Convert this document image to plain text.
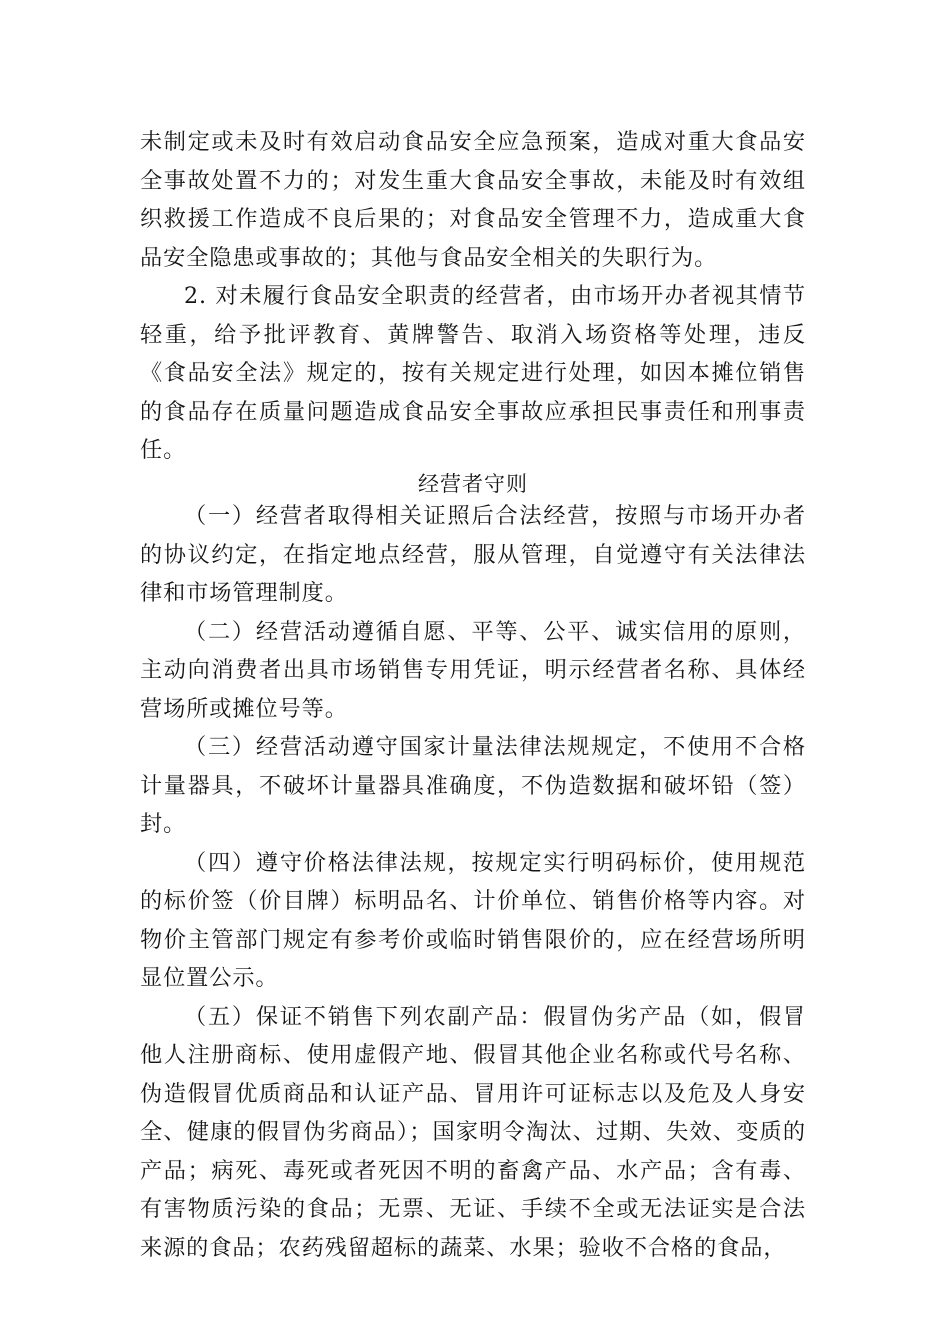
未制定或未及时有效启动食品安全应急预案，造成对重大食品安全事故处置不力的；对发生重大食品安全事故，未能及时有效组织救援工作造成不良后果的；对食品安全管理不力，造成重大食品安全隐患或事故的；其他与食品安全相关的失职行为。

2. 对未履行食品安全职责的经营者，由市场开办者视其情节轻重，给予批评教育、黄牌警告、取消入场资格等处理，违反《食品安全法》规定的，按有关规定进行处理，如因本摊位销售的食品存在质量问题造成食品安全事故应承担民事责任和刑事责任。

经营者守则

（一）经营者取得相关证照后合法经营，按照与市场开办者的协议约定，在指定地点经营，服从管理，自觉遵守有关法律法律和市场管理制度。

（二）经营活动遵循自愿、平等、公平、诚实信用的原则，主动向消费者出具市场销售专用凭证，明示经营者名称、具体经营场所或摊位号等。

（三）经营活动遵守国家计量法律法规规定，不使用不合格计量器具，不破坏计量器具准确度，不伪造数据和破坏铅（签）封。

（四）遵守价格法律法规，按规定实行明码标价，使用规范的标价签（价目牌）标明品名、计价单位、销售价格等内容。对物价主管部门规定有参考价或临时销售限价的，应在经营场所明显位置公示。

（五）保证不销售下列农副产品：假冒伪劣产品（如，假冒他人注册商标、使用虚假产地、假冒其他企业名称或代号名称、伪造假冒优质商品和认证产品、冒用许可证标志以及危及人身安全、健康的假冒伪劣商品）；国家明令淘汰、过期、失效、变质的产品；病死、毒死或者死因不明的畜禽产品、水产品；含有毒、有害物质污染的食品；无票、无证、手续不全或无法证实是合法来源的食品；农药残留超标的蔬菜、水果；验收不合格的食品，
